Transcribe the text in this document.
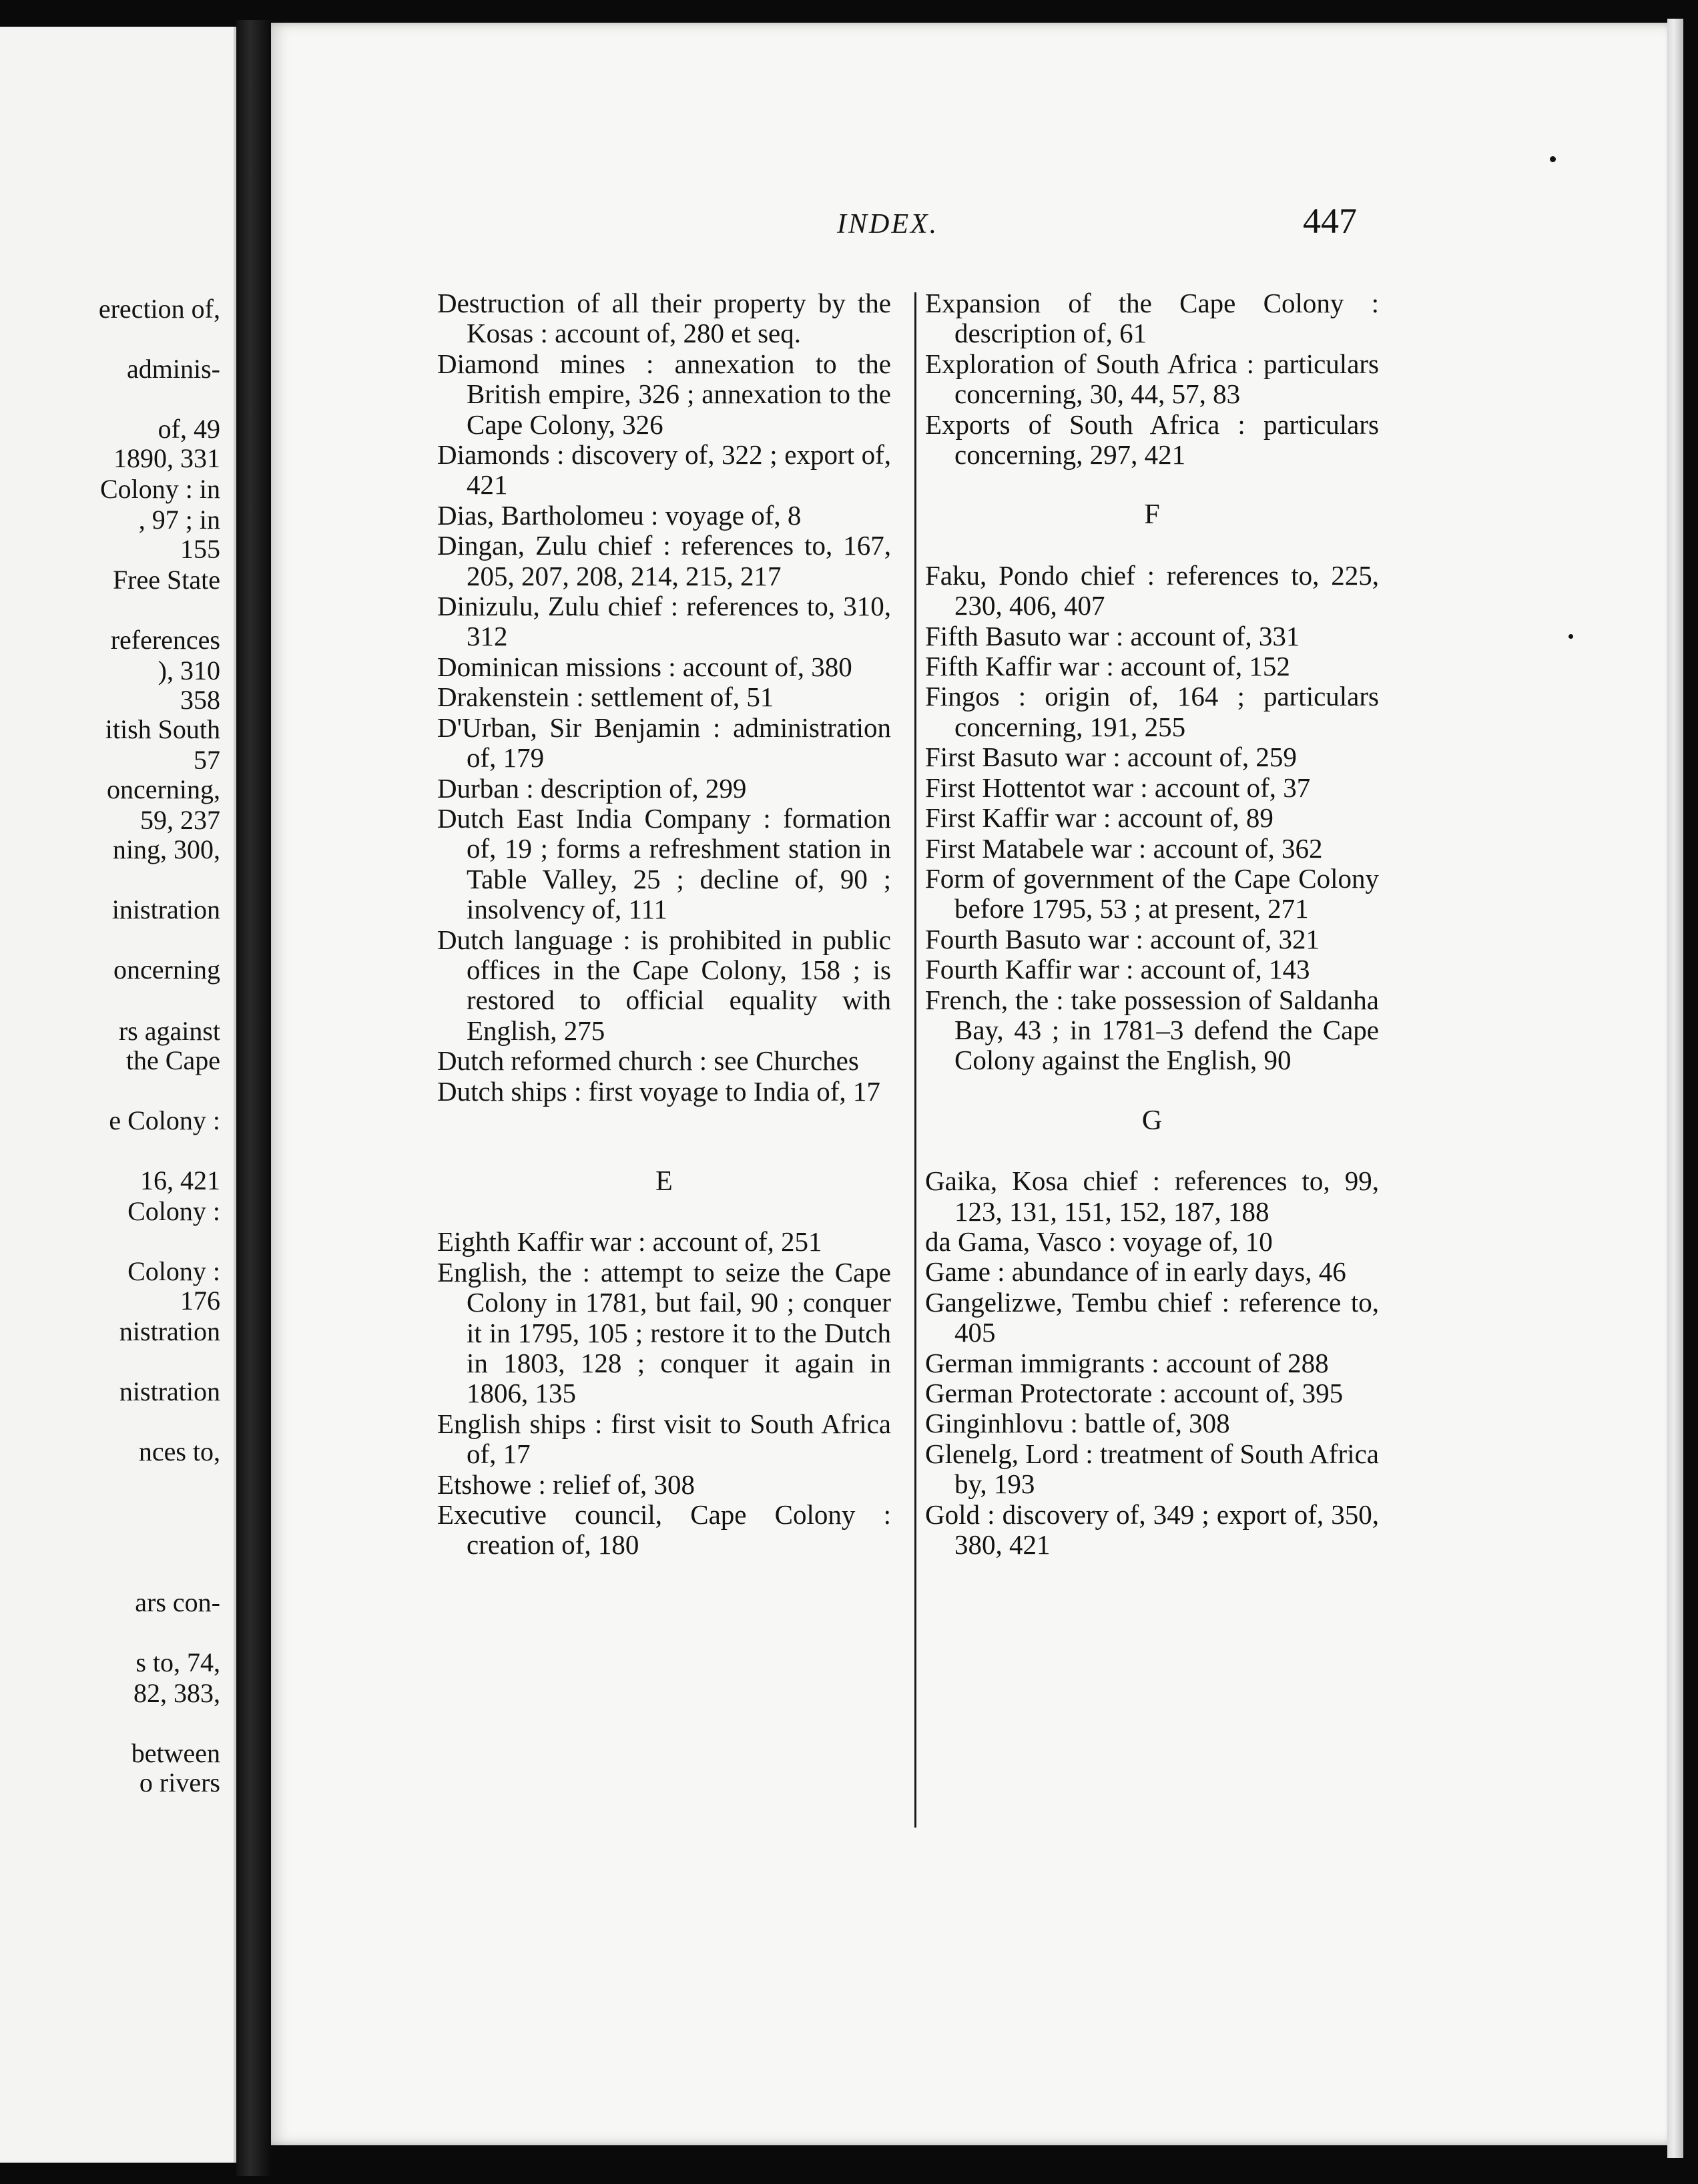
erection of,
adminis-
of, 49
1890, 331
Colony : in
, 97 ; in
155
Free State
references
), 310
358
itish South
57
oncerning,
59, 237
ning, 300,
inistration
oncerning
rs against
the Cape
e Colony :
16, 421
Colony :
Colony :
176
nistration
nistration
nces to,
ars con-
s to, 74,
82, 383,
between
o rivers
INDEX.	447

Destruction of all their property by the Kosas : account of, 280 et seq.

Diamond mines : annexation to the British empire, 326 ; annexation to the Cape Colony, 326

Diamonds : discovery of, 322 ; export of, 421

Dias, Bartholomeu : voyage of, 8

Dingan, Zulu chief : references to, 167, 205, 207, 208, 214, 215, 217

Dinizulu, Zulu chief : references to, 310, 312

Dominican missions : account of, 380

Drakenstein : settlement of, 51

D'Urban, Sir Benjamin : administration of, 179

Durban : description of, 299

Dutch East India Company : formation of, 19 ; forms a refreshment station in Table Valley, 25 ; decline of, 90 ; insolvency of, 111

Dutch language : is prohibited in public offices in the Cape Colony, 158 ; is restored to official equality with English, 275

Dutch reformed church : see Churches

Dutch ships : first voyage to India of, 17

E

Eighth Kaffir war : account of, 251

English, the : attempt to seize the Cape Colony in 1781, but fail, 90 ; conquer it in 1795, 105 ; restore it to the Dutch in 1803, 128 ; conquer it again in 1806, 135

English ships : first visit to South Africa of, 17

Etshowe : relief of, 308

Executive council, Cape Colony : creation of, 180

Expansion of the Cape Colony : description of, 61

Exploration of South Africa : particulars concerning, 30, 44, 57, 83

Exports of South Africa : particulars concerning, 297, 421

F

Faku, Pondo chief : references to, 225, 230, 406, 407

Fifth Basuto war : account of, 331

Fifth Kaffir war : account of, 152

Fingos : origin of, 164 ; particulars concerning, 191, 255

First Basuto war : account of, 259

First Hottentot war : account of, 37

First Kaffir war : account of, 89

First Matabele war : account of, 362

Form of government of the Cape Colony before 1795, 53 ; at present, 271

Fourth Basuto war : account of, 321

Fourth Kaffir war : account of, 143

French, the : take possession of Saldanha Bay, 43 ; in 1781–3 defend the Cape Colony against the English, 90

G

Gaika, Kosa chief : references to, 99, 123, 131, 151, 152, 187, 188

da Gama, Vasco : voyage of, 10

Game : abundance of in early days, 46

Gangelizwe, Tembu chief : reference to, 405

German immigrants : account of 288

German Protectorate : account of, 395

Ginginhlovu : battle of, 308

Glenelg, Lord : treatment of South Africa by, 193

Gold : discovery of, 349 ; export of, 350, 380, 421
